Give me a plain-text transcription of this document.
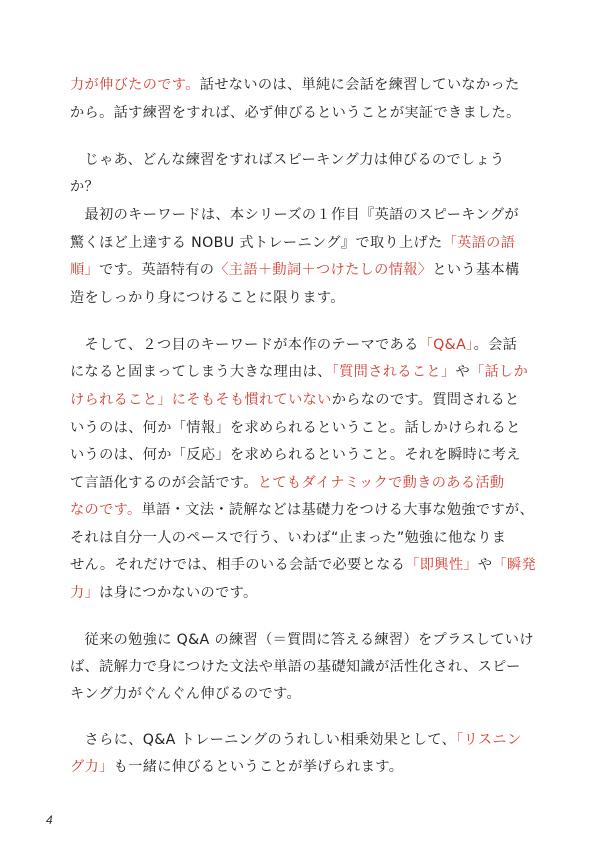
力が伸びたのです。話せないのは、単純に会話を練習していなかった
から。話す練習をすれば、必ず伸びるということが実証できました。
　じゃあ、どんな練習をすればスピーキング力は伸びるのでしょう
か？
　最初のキーワードは、本シリーズの１作目『英語のスピーキングが
驚くほど上達する NOBU 式トレーニング』で取り上げた「英語の語
順」です。英語特有の〈主語＋動詞＋つけたしの情報〉という基本構
造をしっかり身につけることに限ります。
　そして、２つ目のキーワードが本作のテーマである「Q&A」。会話
になると固まってしまう大きな理由は、「質問されること」や「話しか
けられること」にそもそも慣れていないからなのです。質問されると
いうのは、何か「情報」を求められるということ。話しかけられると
いうのは、何か「反応」を求められるということ。それを瞬時に考え
て言語化するのが会話です。とてもダイナミックで動きのある活動
なのです。単語・文法・読解などは基礎力をつける大事な勉強ですが、
それは自分一人のペースで行う、いわば“止まった”勉強に他なりま
せん。それだけでは、相手のいる会話で必要となる「即興性」や「瞬発
力」は身につかないのです。
　従来の勉強に Q&A の練習（＝質問に答える練習）をプラスしていけ
ば、読解力で身につけた文法や単語の基礎知識が活性化され、スピー
キング力がぐんぐん伸びるのです。
　さらに、Q&A トレーニングのうれしい相乗効果として、「リスニン
グ力」も一緒に伸びるということが挙げられます。
4
